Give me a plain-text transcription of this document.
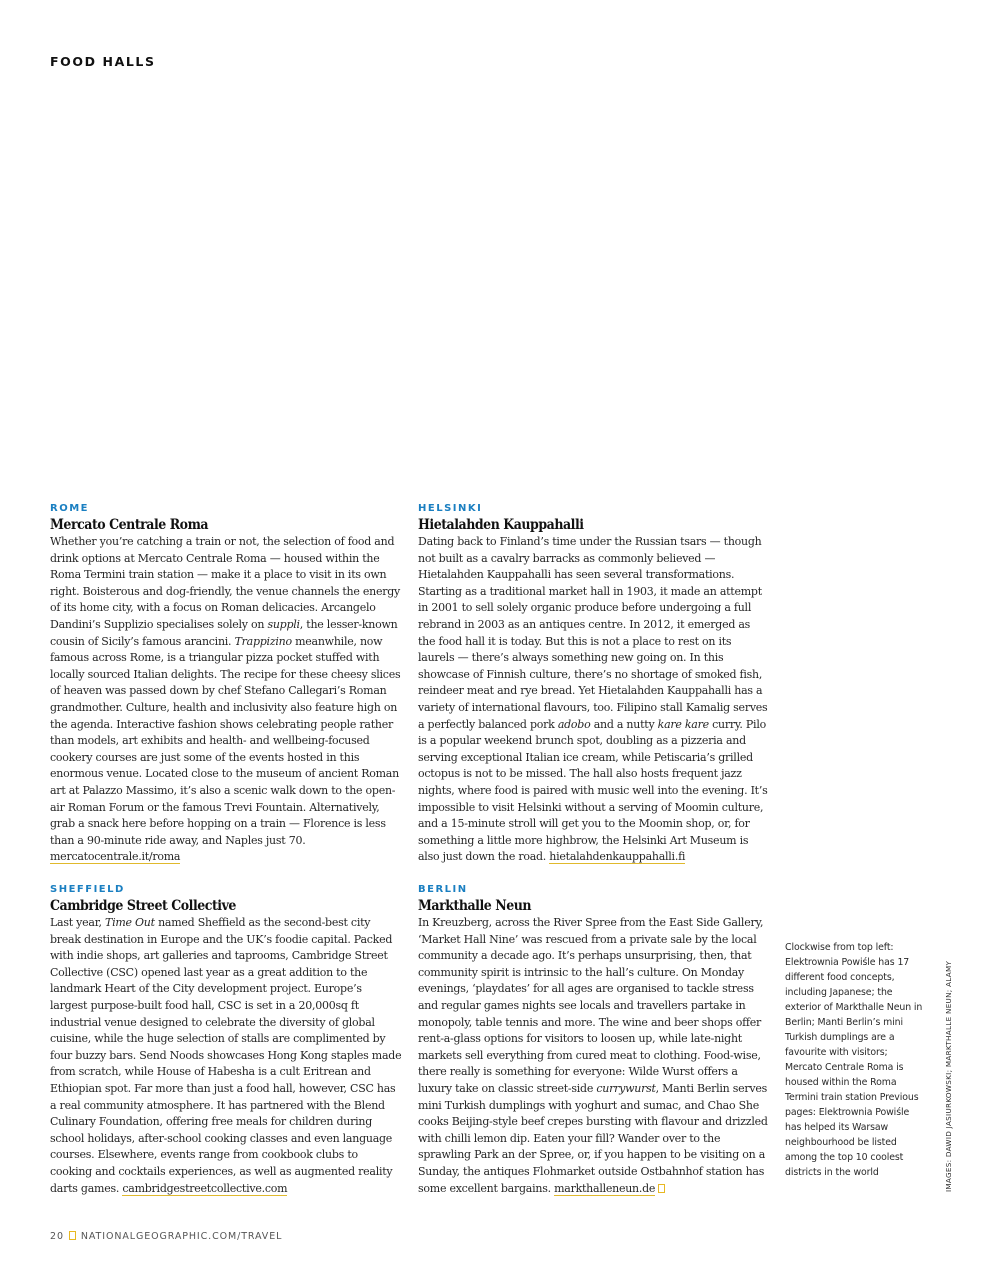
FOOD HALLS
ROME
Mercato Centrale Roma
Whether you’re catching a train or not, the selection of food and drink options at Mercato Centrale Roma — housed within the Roma Termini train station — make it a place to visit in its own right. Boisterous and dog-friendly, the venue channels the energy of its home city, with a focus on Roman delicacies. Arcangelo Dandini’s Supplizio specialises solely on suppli, the lesser-known cousin of Sicily’s famous arancini. Trappizino meanwhile, now famous across Rome, is a triangular pizza pocket stuffed with locally sourced Italian delights. The recipe for these cheesy slices of heaven was passed down by chef Stefano Callegari’s Roman grandmother. Culture, health and inclusivity also feature high on the agenda. Interactive fashion shows celebrating people rather than models, art exhibits and health- and wellbeing-focused cookery courses are just some of the events hosted in this enormous venue. Located close to the museum of ancient Roman art at Palazzo Massimo, it’s also a scenic walk down to the open-air Roman Forum or the famous Trevi Fountain. Alternatively, grab a snack here before hopping on a train — Florence is less than a 90-minute ride away, and Naples just 70.
mercatocentrale.it/roma
HELSINKI
Hietalahden Kauppahalli
Dating back to Finland’s time under the Russian tsars — though not built as a cavalry barracks as commonly believed — Hietalahden Kauppahalli has seen several transformations. Starting as a traditional market hall in 1903, it made an attempt in 2001 to sell solely organic produce before undergoing a full rebrand in 2003 as an antiques centre. In 2012, it emerged as the food hall it is today. But this is not a place to rest on its laurels — there’s always something new going on. In this showcase of Finnish culture, there’s no shortage of smoked fish, reindeer meat and rye bread. Yet Hietalahden Kauppahalli has a variety of international flavours, too. Filipino stall Kamalig serves a perfectly balanced pork adobo and a nutty kare kare curry. Pilo is a popular weekend brunch spot, doubling as a pizzeria and serving exceptional Italian ice cream, while Petiscaria’s grilled octopus is not to be missed. The hall also hosts frequent jazz nights, where food is paired with music well into the evening. It’s impossible to visit Helsinki without a serving of Moomin culture, and a 15-minute stroll will get you to the Moomin shop, or, for something a little more highbrow, the Helsinki Art Museum is also just down the road. hietalahdenkauppahalli.fi
SHEFFIELD
Cambridge Street Collective
Last year, Time Out named Sheffield as the second-best city break destination in Europe and the UK’s foodie capital. Packed with indie shops, art galleries and taprooms, Cambridge Street Collective (CSC) opened last year as a great addition to the landmark Heart of the City development project. Europe’s largest purpose-built food hall, CSC is set in a 20,000sq ft industrial venue designed to celebrate the diversity of global cuisine, while the huge selection of stalls are complimented by four buzzy bars. Send Noods showcases Hong Kong staples made from scratch, while House of Habesha is a cult Eritrean and Ethiopian spot. Far more than just a food hall, however, CSC has a real community atmosphere. It has partnered with the Blend Culinary Foundation, offering free meals for children during school holidays, after-school cooking classes and even language courses. Elsewhere, events range from cookbook clubs to cooking and cocktails experiences, as well as augmented reality darts games. cambridgestreetcollective.com
BERLIN
Markthalle Neun
In Kreuzberg, across the River Spree from the East Side Gallery, ‘Market Hall Nine’ was rescued from a private sale by the local community a decade ago. It’s perhaps unsurprising, then, that community spirit is intrinsic to the hall’s culture. On Monday evenings, ‘playdates’ for all ages are organised to tackle stress and regular games nights see locals and travellers partake in monopoly, table tennis and more. The wine and beer shops offer rent-a-glass options for visitors to loosen up, while late-night markets sell everything from cured meat to clothing. Food-wise, there really is something for everyone: Wilde Wurst offers a luxury take on classic street-side currywurst, Manti Berlin serves mini Turkish dumplings with yoghurt and sumac, and Chao She cooks Beijing-style beef crepes bursting with flavour and drizzled with chilli lemon dip. Eaten your fill? Wander over to the sprawling Park an der Spree, or, if you happen to be visiting on a Sunday, the antiques Flohmarket outside Ostbahnhof station has some excellent bargains. markthalleneun.de
Clockwise from top left: Elektrownia Powiśle has 17 different food concepts, including Japanese; the exterior of Markthalle Neun in Berlin; Manti Berlin’s mini Turkish dumplings are a favourite with visitors; Mercato Centrale Roma is housed within the Roma Termini train station Previous pages: Elektrownia Powiśle has helped its Warsaw neighbourhood be listed among the top 10 coolest districts in the world	IMAGES: DAWID JASIURKOWSKI; MARKTHALLE NEUN; ALAMY
20 NATIONALGEOGRAPHIC.COM/TRAVEL
